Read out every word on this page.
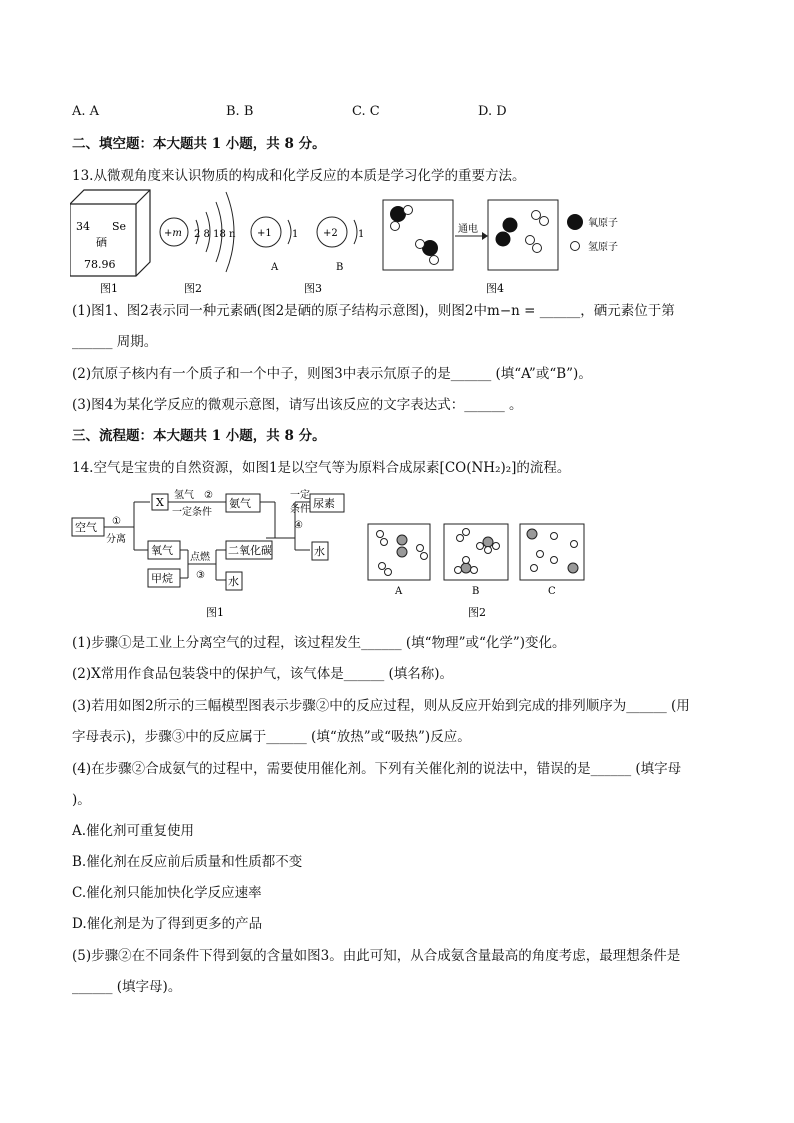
A. A	B. B	C. C	D. D
二、填空题：本大题共 1 小题，共 8 分。
13.从微观角度来认识物质的构成和化学反应的本质是学习化学的重要方法。
34 Se
硒
78.96
图1
+m 2 8 18 n
图2
+1 1
A
+2 1
B
图3
通电
氧原子
氢原子
图4
(1)图1、图2表示同一种元素硒(图2是硒的原子结构示意图)，则图2中m−n = ______，硒元素位于第
______ 周期。
(2)氘原子核内有一个质子和一个中子，则图3中表示氘原子的是______ (填“A”或“B”)。
(3)图4为某化学反应的微观示意图，请写出该反应的文字表达式：______ 。
三、流程题：本大题共 1 小题，共 8 分。
14.空气是宝贵的自然资源，如图1是以空气等为原料合成尿素[CO(NH₂)₂]的流程。
空气 ①
分离
X
氢气 ②
一定条件
氨气
一定
条件
④
尿素
水
氧气
点燃
③
二氧化碳
甲烷	水
图1
A	B	C
图2
(1)步骤①是工业上分离空气的过程，该过程发生______ (填“物理”或“化学”)变化。
(2)X常用作食品包装袋中的保护气，该气体是______ (填名称)。
(3)若用如图2所示的三幅模型图表示步骤②中的反应过程，则从反应开始到完成的排列顺序为______ (用
字母表示)，步骤③中的反应属于______ (填“放热”或“吸热”)反应。
(4)在步骤②合成氨气的过程中，需要使用催化剂。下列有关催化剂的说法中，错误的是______ (填字母
)。
A.催化剂可重复使用
B.催化剂在反应前后质量和性质都不变
C.催化剂只能加快化学反应速率
D.催化剂是为了得到更多的产品
(5)步骤②在不同条件下得到氨的含量如图3。由此可知，从合成氨含量最高的角度考虑，最理想条件是
______ (填字母)。
